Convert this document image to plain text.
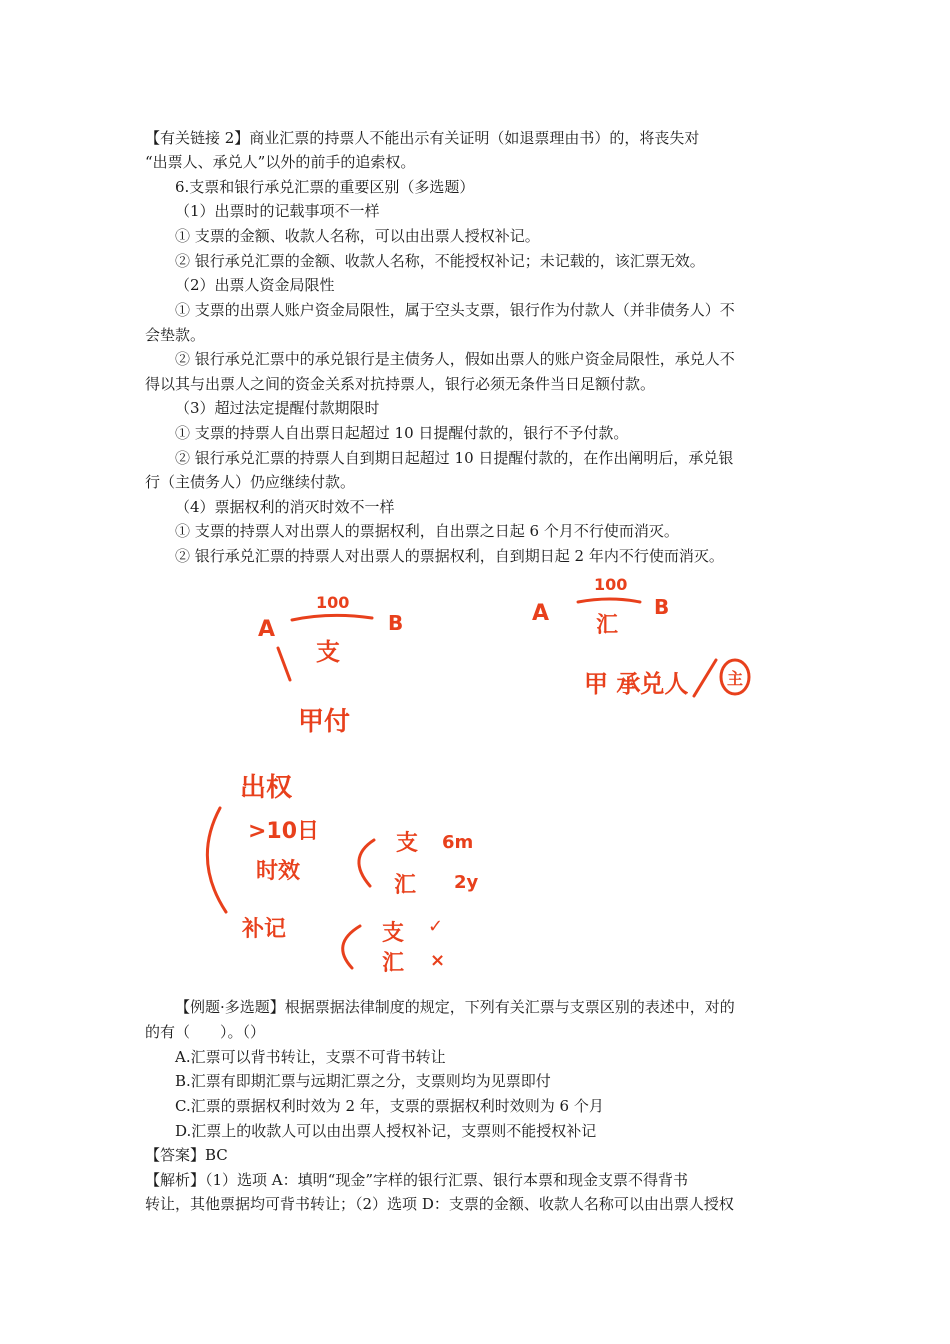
【有关链接 2】商业汇票的持票人不能出示有关证明（如退票理由书）的，将丧失对
“出票人、承兑人”以外的前手的追索权。
6.支票和银行承兑汇票的重要区别（多选题）
（1）出票时的记载事项不一样
① 支票的金额、收款人名称，可以由出票人授权补记。
② 银行承兑汇票的金额、收款人名称，不能授权补记；未记载的，该汇票无效。
（2）出票人资金局限性
① 支票的出票人账户资金局限性，属于空头支票，银行作为付款人（并非债务人）不
会垫款。
② 银行承兑汇票中的承兑银行是主债务人，假如出票人的账户资金局限性，承兑人不
得以其与出票人之间的资金关系对抗持票人，银行必须无条件当日足额付款。
（3）超过法定提醒付款期限时
① 支票的持票人自出票日起超过 10 日提醒付款的，银行不予付款。
② 银行承兑汇票的持票人自到期日起超过 10 日提醒付款的，在作出阐明后，承兑银
行（主债务人）仍应继续付款。
（4）票据权利的消灭时效不一样
① 支票的持票人对出票人的票据权利，自出票之日起 6 个月不行使而消灭。
② 银行承兑汇票的持票人对出票人的票据权利，自到期日起 2 年内不行使而消灭。
A
100
B
支
甲付
A
100
B
汇
甲 承兑人 主
出权
>10日
时效
支 6m
汇 2y
补记	支 ✓
汇 ×
【例题·多选题】根据票据法律制度的规定，下列有关汇票与支票区别的表述中，对的
的有（　　）。（）
A.汇票可以背书转让，支票不可背书转让
B.汇票有即期汇票与远期汇票之分，支票则均为见票即付
C.汇票的票据权利时效为 2 年，支票的票据权利时效则为 6 个月
D.汇票上的收款人可以由出票人授权补记，支票则不能授权补记
【答案】BC
【解析】（1）选项 A：填明“现金”字样的银行汇票、银行本票和现金支票不得背书
转让，其他票据均可背书转让；（2）选项 D：支票的金额、收款人名称可以由出票人授权
